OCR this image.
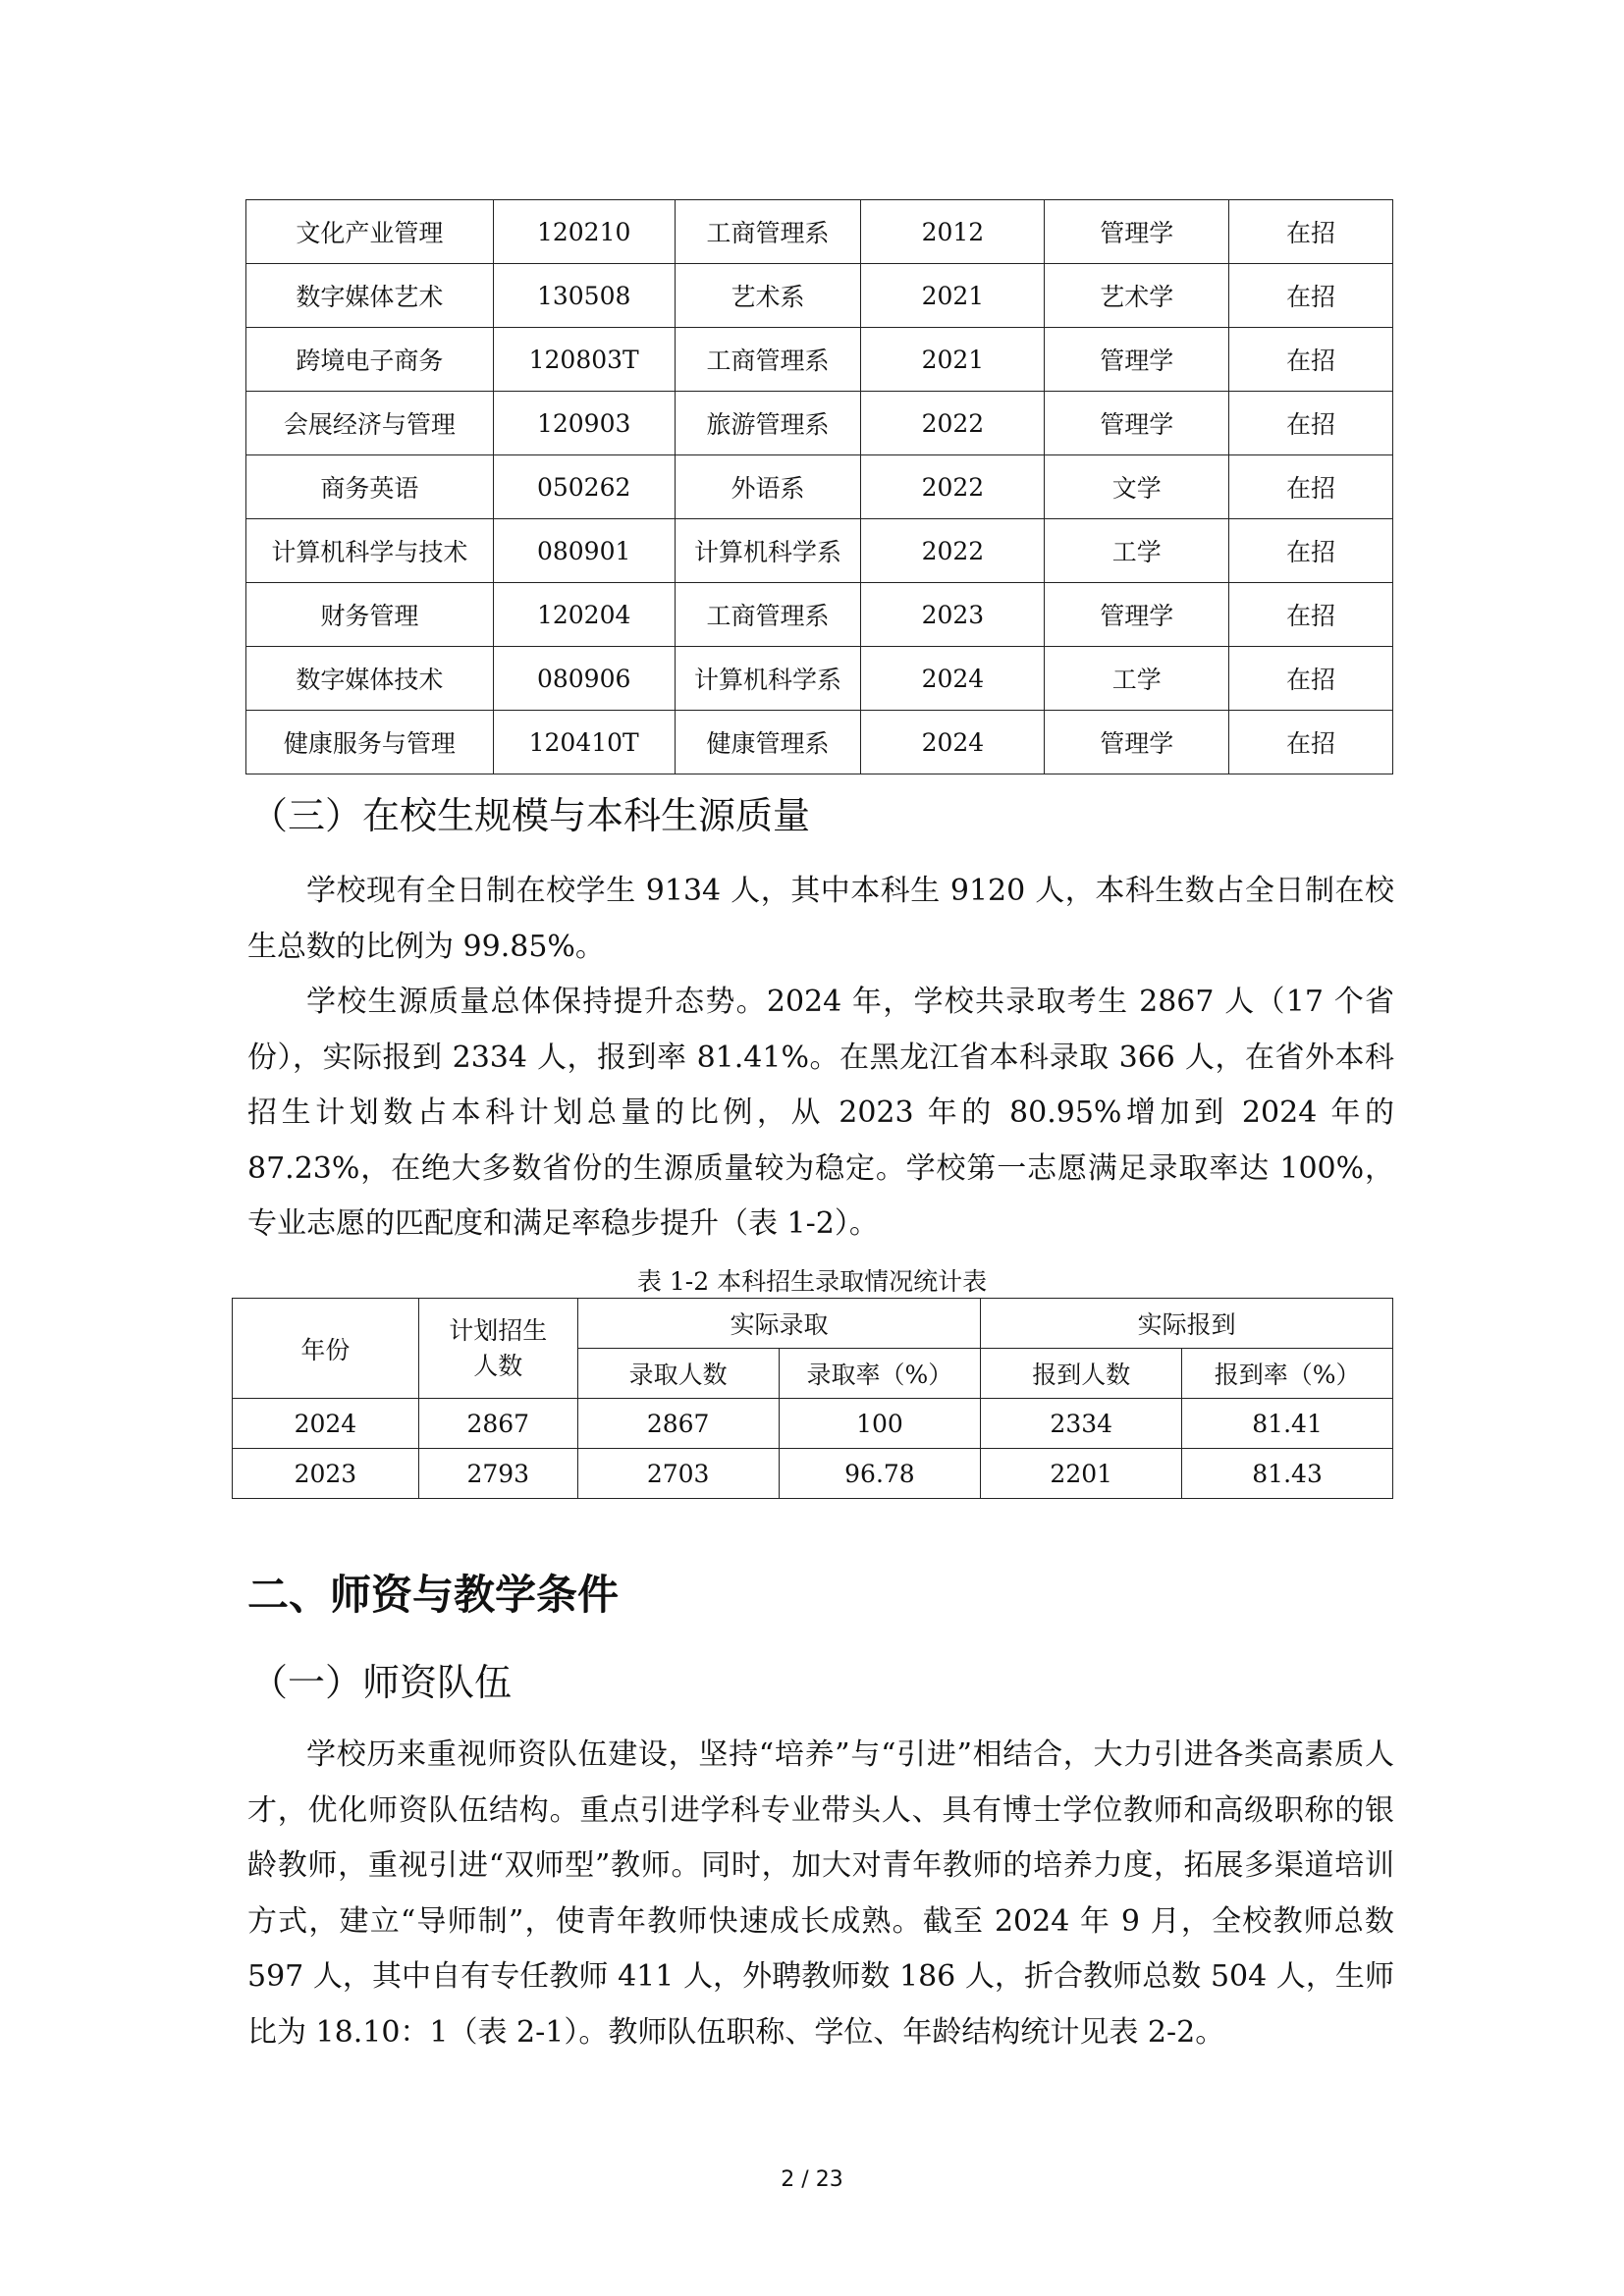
文化产业管理	120210	工商管理系	2012	管理学	在招
数字媒体艺术	130508	艺术系	2021	艺术学	在招
跨境电子商务	120803T	工商管理系	2021	管理学	在招
会展经济与管理	120903	旅游管理系	2022	管理学	在招
商务英语	050262	外语系	2022	文学	在招
计算机科学与技术	080901	计算机科学系	2022	工学	在招
财务管理	120204	工商管理系	2023	管理学	在招
数字媒体技术	080906	计算机科学系	2024	工学	在招
健康服务与管理	120410T	健康管理系	2024	管理学	在招
（三）在校生规模与本科生源质量

学校现有全日制在校学生 9134 人，其中本科生 9120 人，本科生数占全日制在校生总数的比例为 99.85%。

学校生源质量总体保持提升态势。2024 年，学校共录取考生 2867 人（17 个省份），实际报到 2334 人，报到率 81.41%。在黑龙江省本科录取 366 人，在省外本科招生计划数占本科计划总量的比例，从 2023 年的 80.95%增加到 2024 年的 87.23%，在绝大多数省份的生源质量较为稳定。学校第一志愿满足录取率达 100%，专业志愿的匹配度和满足率稳步提升（表 1-2）。

表 1-2 本科招生录取情况统计表
年份	计划招生人数	实际录取		实际报到	
		录取人数	录取率（%）	报到人数	报到率（%）
2024	2867	2867	100	2334	81.41
2023	2793	2703	96.78	2201	81.43
二、师资与教学条件
（一）师资队伍

学校历来重视师资队伍建设，坚持“培养”与“引进”相结合，大力引进各类高素质人才，优化师资队伍结构。重点引进学科专业带头人、具有博士学位教师和高级职称的银龄教师，重视引进“双师型”教师。同时，加大对青年教师的培养力度，拓展多渠道培训方式，建立“导师制”，使青年教师快速成长成熟。截至 2024 年 9 月，全校教师总数 597 人，其中自有专任教师 411 人，外聘教师数 186 人，折合教师总数 504 人，生师比为 18.10：1（表 2-1）。教师队伍职称、学位、年龄结构统计见表 2-2。

2 / 23
